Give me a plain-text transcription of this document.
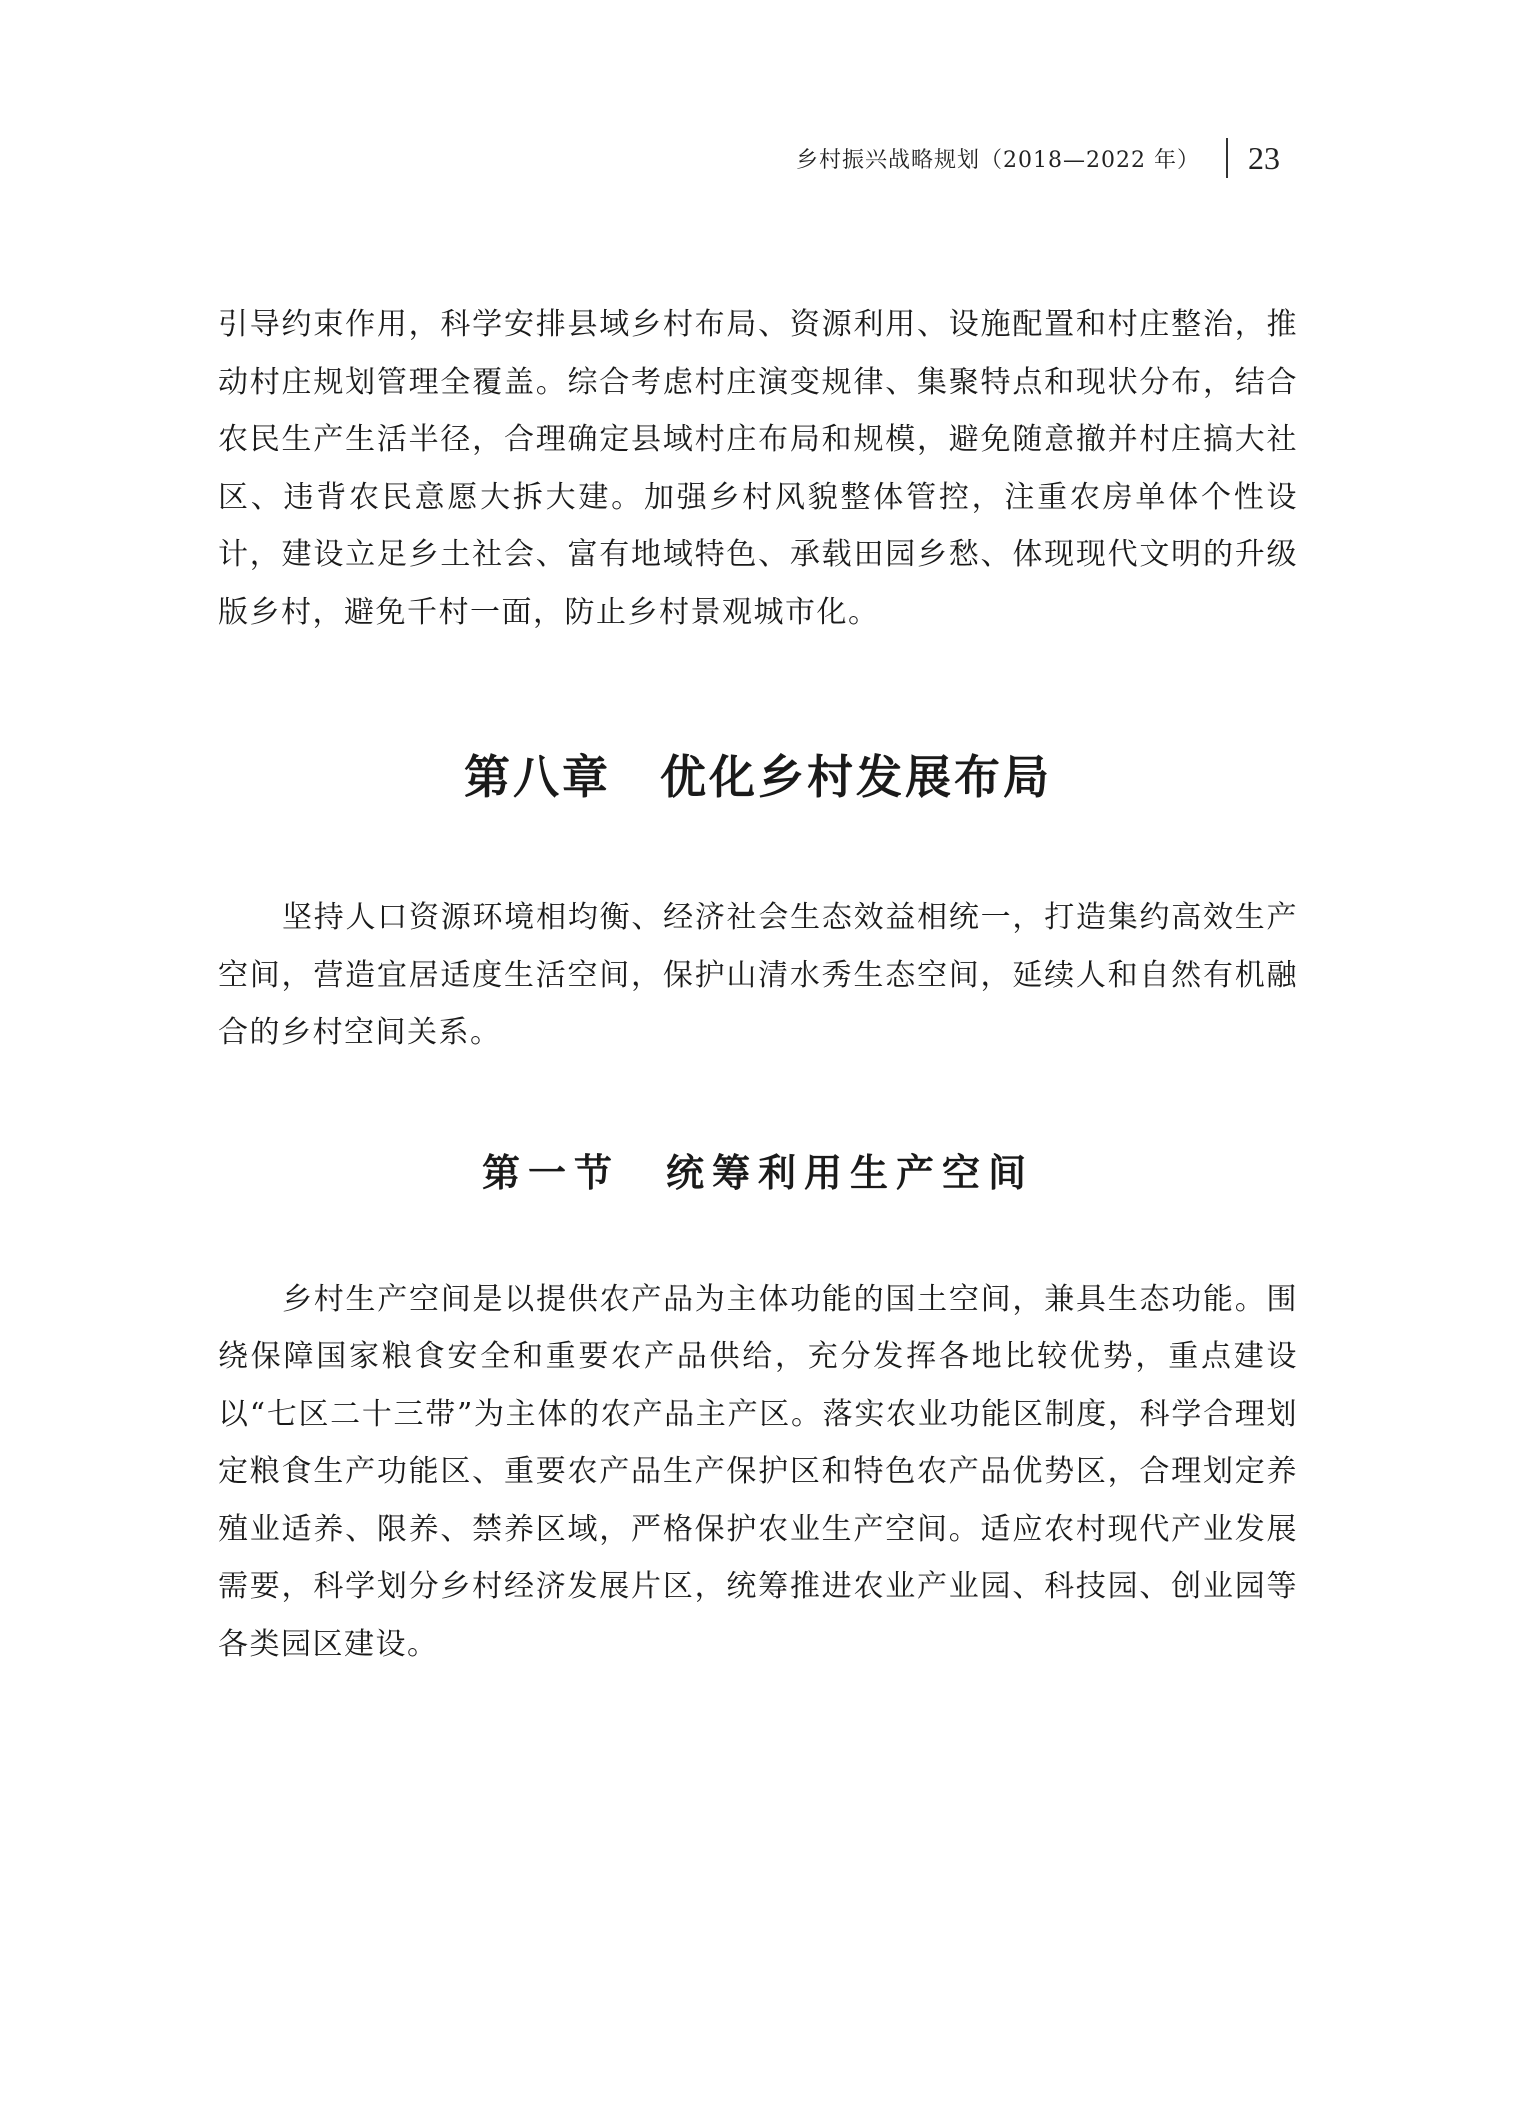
乡村振兴战略规划（2018—2022 年） 23

引导约束作用，科学安排县域乡村布局、资源利用、设施配置和村庄整治，推动村庄规划管理全覆盖。综合考虑村庄演变规律、集聚特点和现状分布，结合农民生产生活半径，合理确定县域村庄布局和规模，避免随意撤并村庄搞大社区、违背农民意愿大拆大建。加强乡村风貌整体管控，注重农房单体个性设计，建设立足乡土社会、富有地域特色、承载田园乡愁、体现现代文明的升级版乡村，避免千村一面，防止乡村景观城市化。

第八章　优化乡村发展布局

坚持人口资源环境相均衡、经济社会生态效益相统一，打造集约高效生产空间，营造宜居适度生活空间，保护山清水秀生态空间，延续人和自然有机融合的乡村空间关系。

第一节　统筹利用生产空间

乡村生产空间是以提供农产品为主体功能的国土空间，兼具生态功能。围绕保障国家粮食安全和重要农产品供给，充分发挥各地比较优势，重点建设以“七区二十三带”为主体的农产品主产区。落实农业功能区制度，科学合理划定粮食生产功能区、重要农产品生产保护区和特色农产品优势区，合理划定养殖业适养、限养、禁养区域，严格保护农业生产空间。适应农村现代产业发展需要，科学划分乡村经济发展片区，统筹推进农业产业园、科技园、创业园等各类园区建设。
